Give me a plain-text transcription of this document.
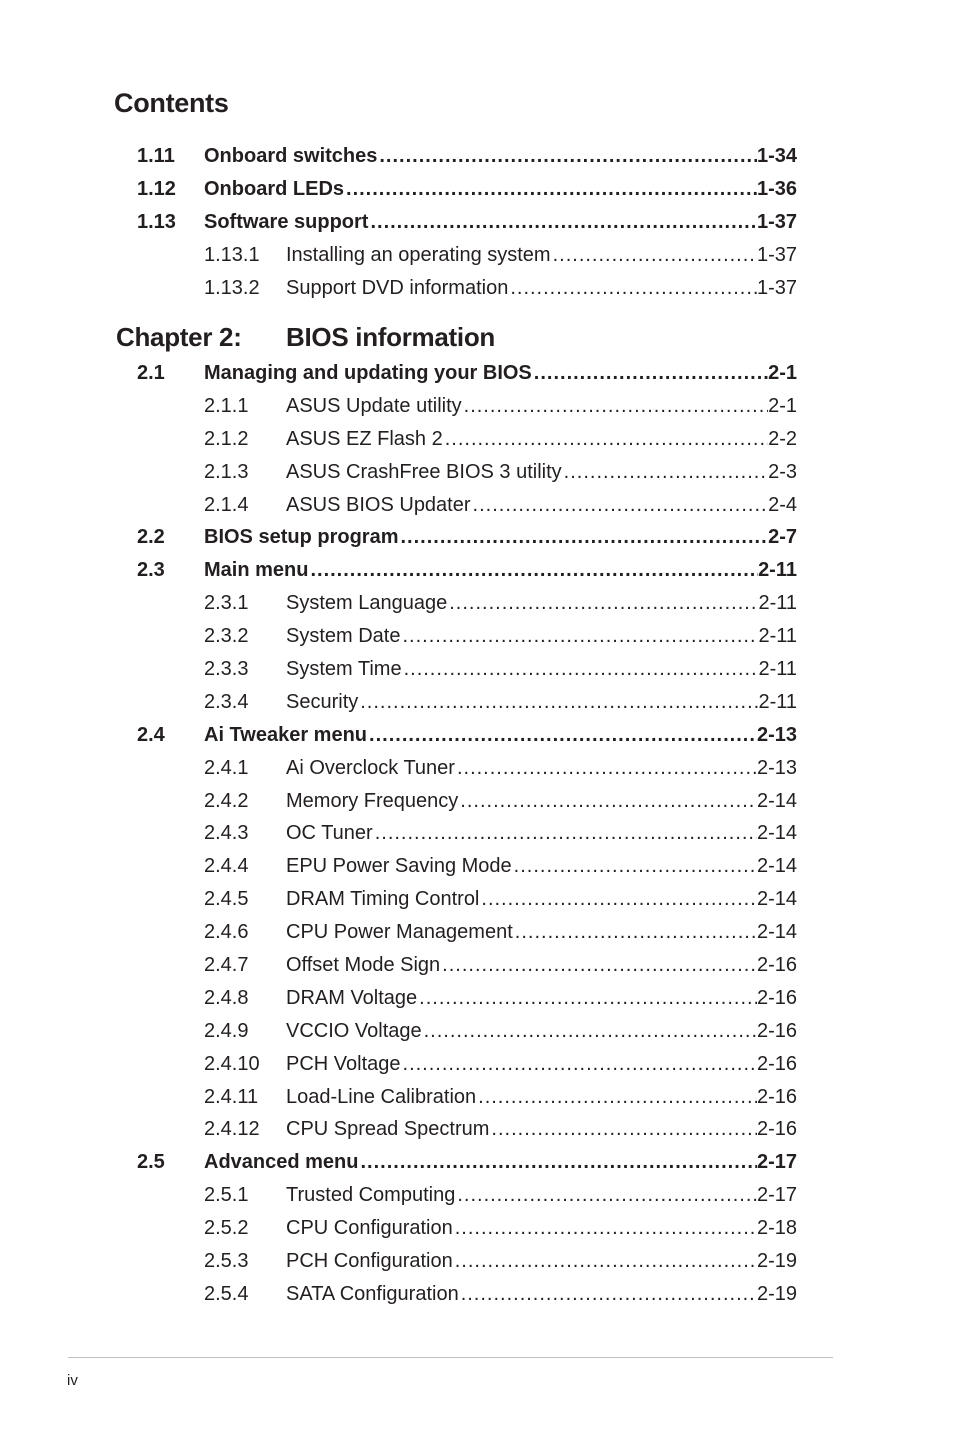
Contents
1.11 Onboard switches .....	1-34
1.12 Onboard LEDs .....	1-36
1.13 Software support .....	1-37
1.13.1 Installing an operating system .....	1-37
1.13.2 Support DVD information .....	1-37
Chapter 2: BIOS information
2.1 Managing and updating your BIOS .....	2-1
2.1.1 ASUS Update utility .....	2-1
2.1.2 ASUS EZ Flash 2 .....	2-2
2.1.3 ASUS CrashFree BIOS 3 utility .....	2-3
2.1.4 ASUS BIOS Updater .....	2-4
2.2 BIOS setup program .....	2-7
2.3 Main menu .....	2-11
2.3.1 System Language .....	2-11
2.3.2 System Date .....	2-11
2.3.3 System Time .....	2-11
2.3.4 Security .....	2-11
2.4 Ai Tweaker menu .....	2-13
2.4.1 Ai Overclock Tuner .....	2-13
2.4.2 Memory Frequency .....	2-14
2.4.3 OC Tuner .....	2-14
2.4.4 EPU Power Saving Mode .....	2-14
2.4.5 DRAM Timing Control .....	2-14
2.4.6 CPU Power Management .....	2-14
2.4.7 Offset Mode Sign .....	2-16
2.4.8 DRAM Voltage .....	2-16
2.4.9 VCCIO Voltage .....	2-16
2.4.10 PCH Voltage .....	2-16
2.4.11 Load-Line Calibration .....	2-16
2.4.12 CPU Spread Spectrum .....	2-16
2.5 Advanced menu .....	2-17
2.5.1 Trusted Computing .....	2-17
2.5.2 CPU Configuration .....	2-18
2.5.3 PCH Configuration .....	2-19
2.5.4 SATA Configuration .....	2-19
iv
